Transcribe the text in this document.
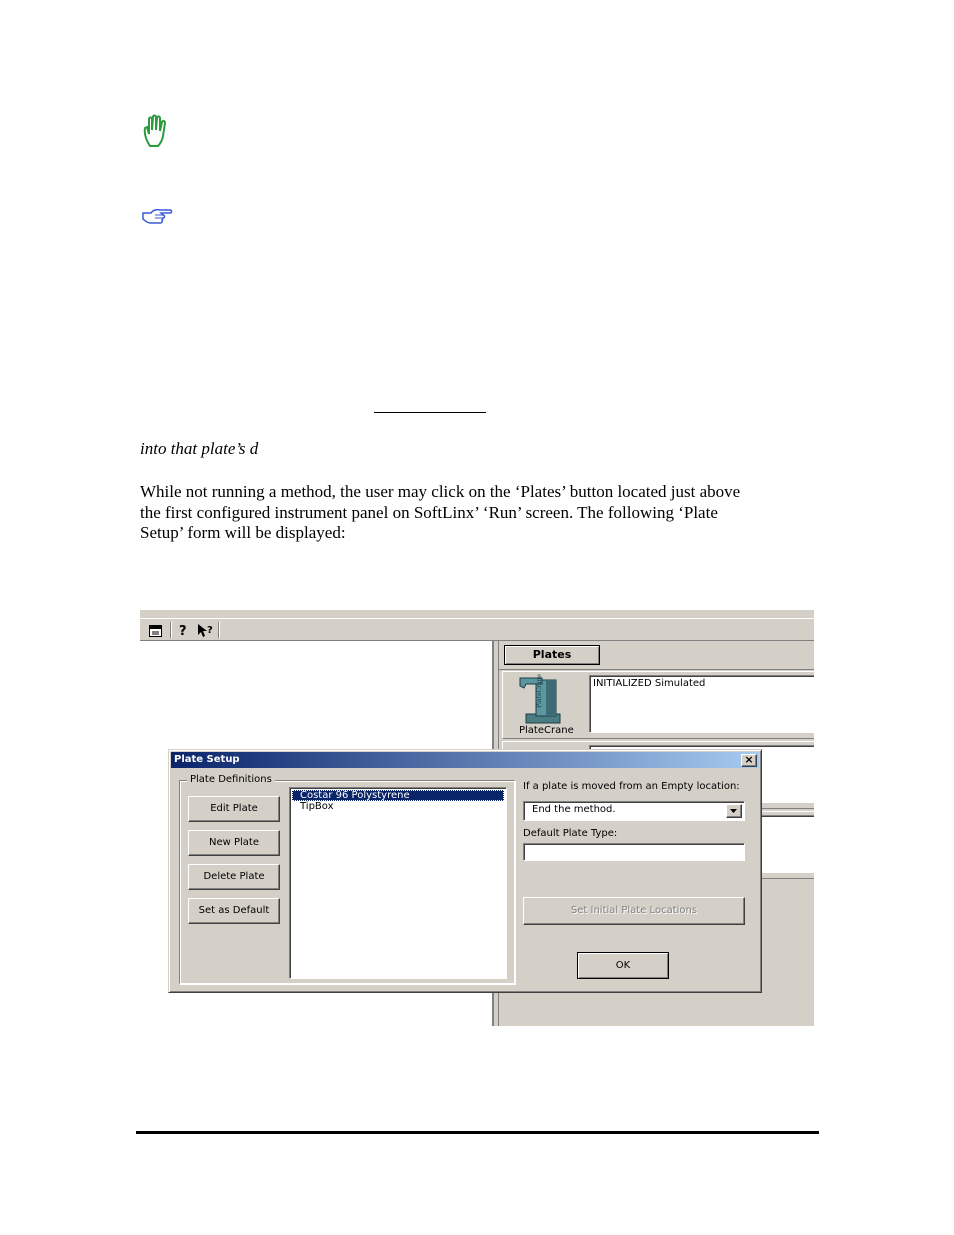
into that plate’s d
While not running a method, the user may click on the ‘Plates’ button located just above
the first configured instrument panel on SoftLinx’ ‘Run’ screen. The following ‘Plate
Setup’ form will be displayed:
? ?
Plates
PlateCrane
PlateCrane
INITIALIZED Simulated
Plate Setup	×
Plate Definitions
Edit Plate
New Plate
Delete Plate
Set as Default
Costar 96 Polystyrene
TipBox
If a plate is moved from an Empty location:
End the method.
Default Plate Type:
Set Initial Plate Locations
OK
